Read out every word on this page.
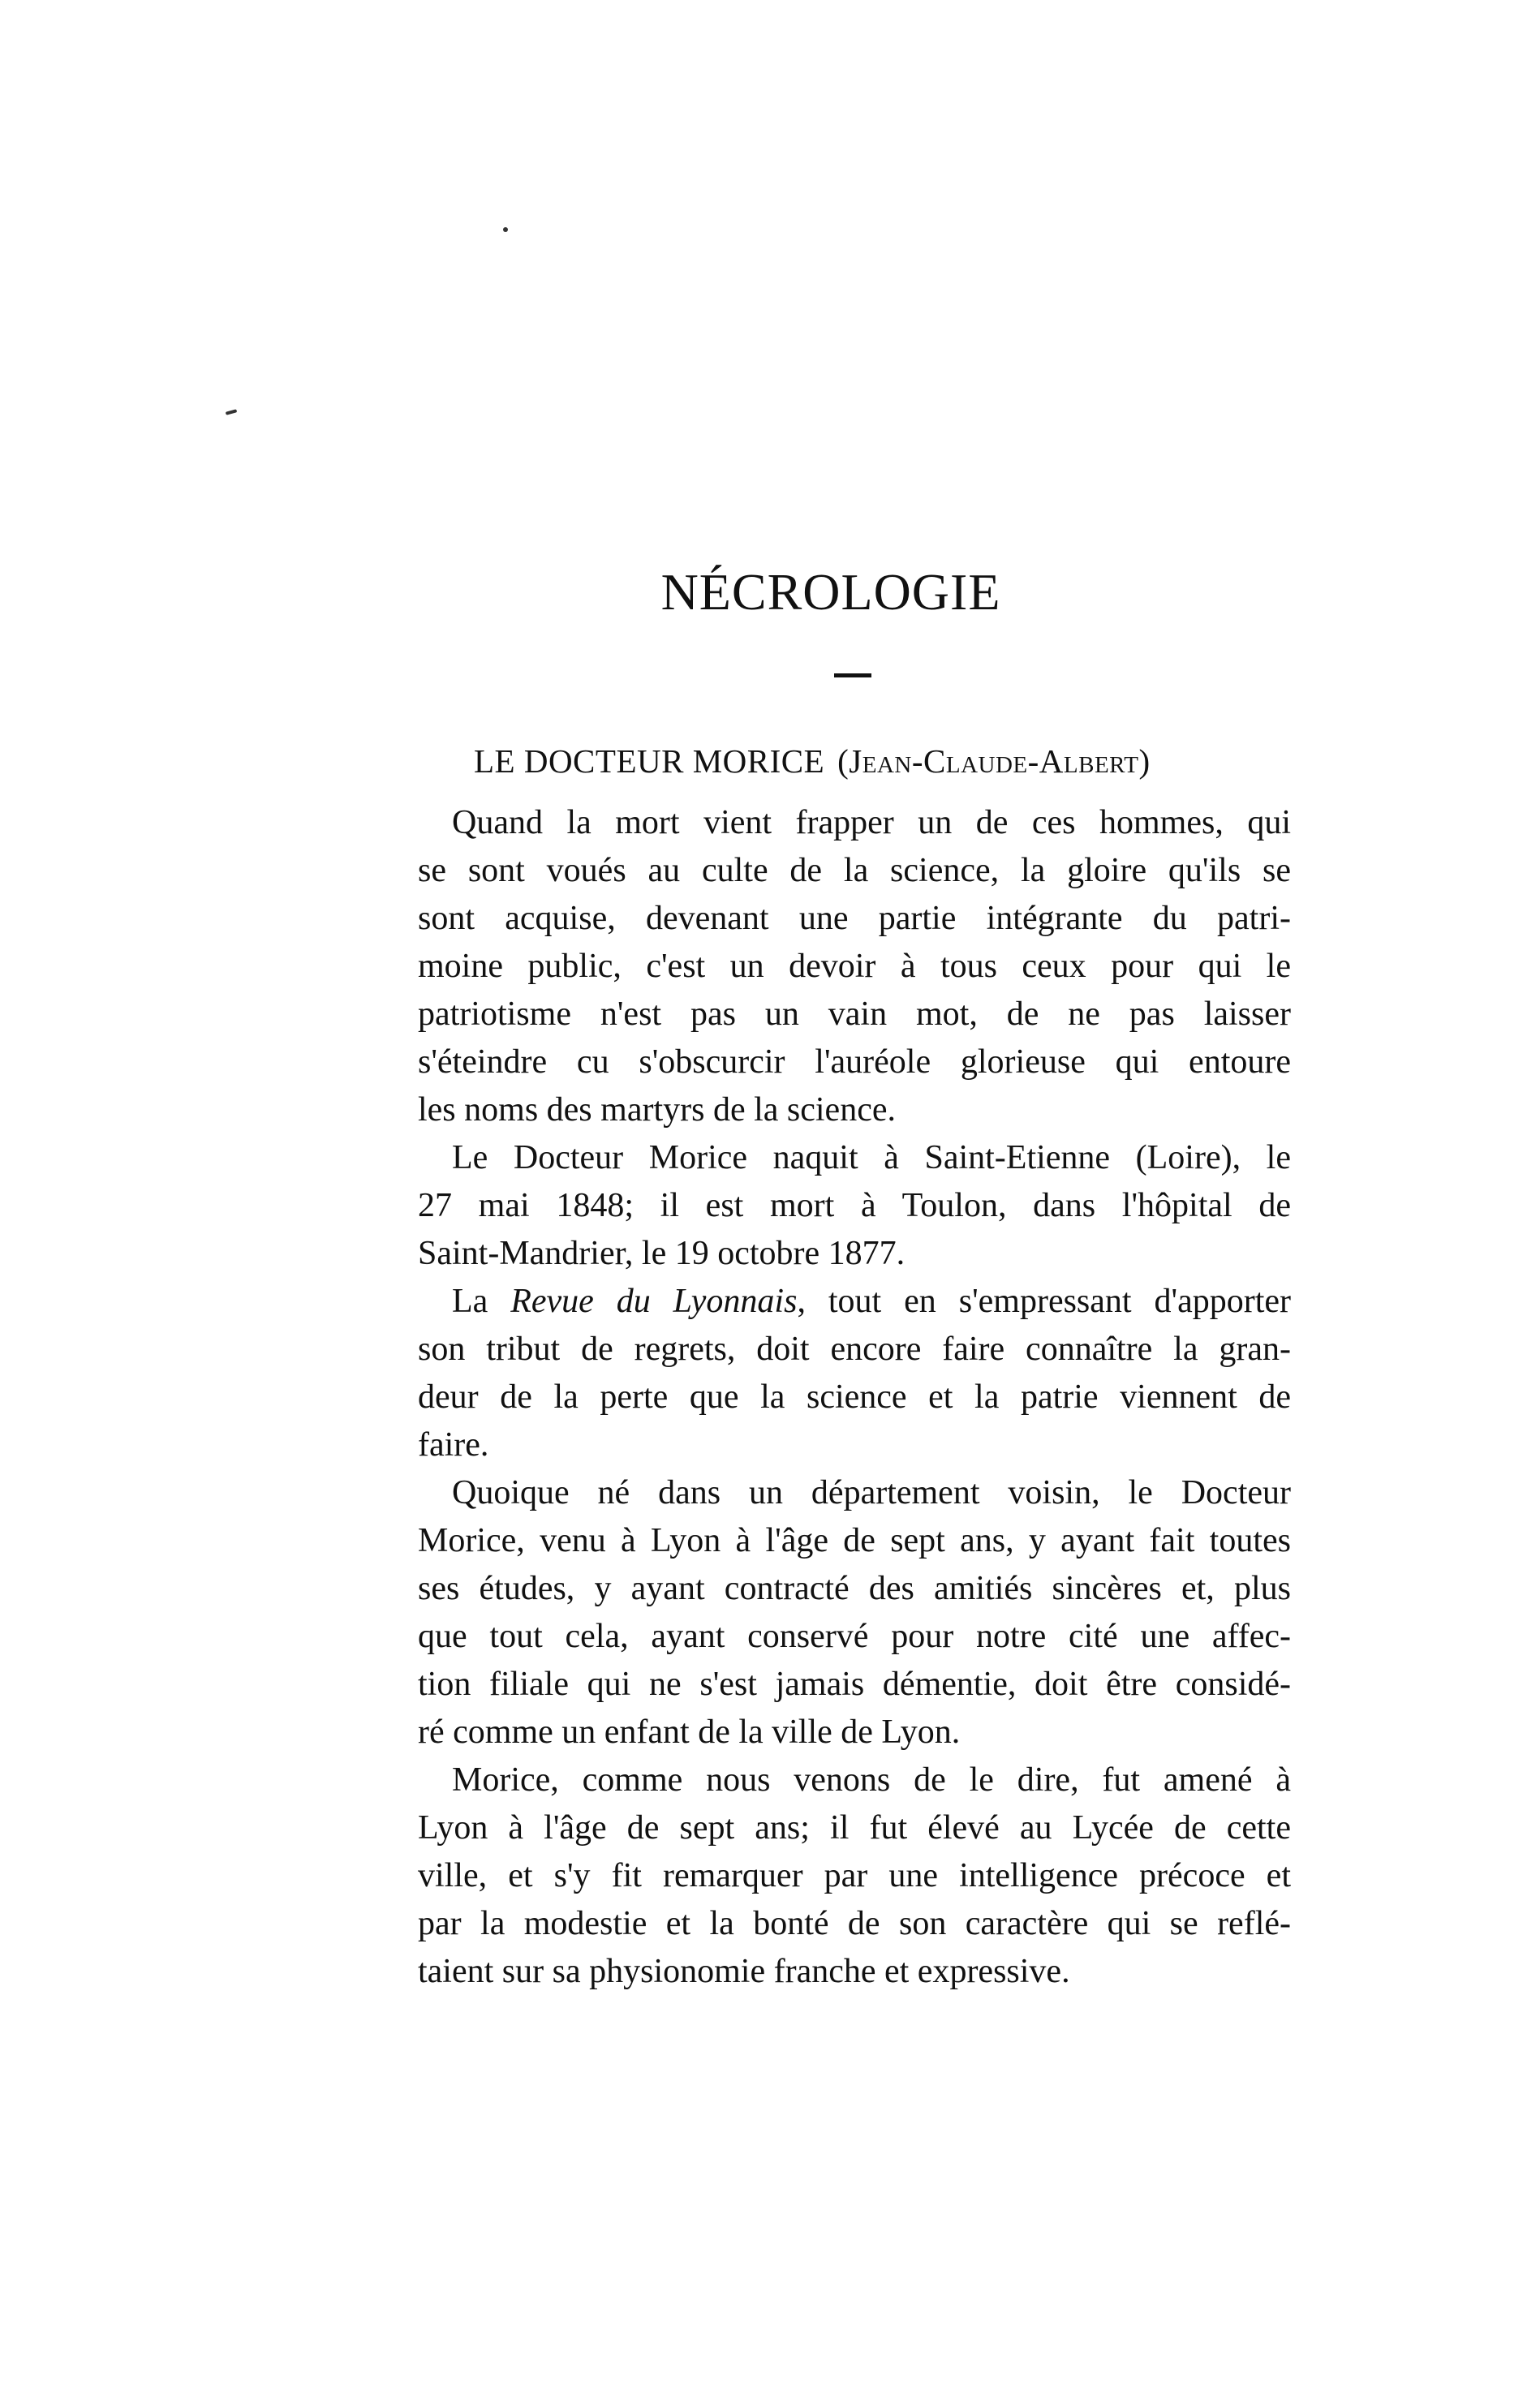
NÉCROLOGIE
LE DOCTEUR MORICE (Jean-Claude-Albert)

Quand la mort vient frapper un de ces hommes, qui
se sont voués au culte de la science, la gloire qu'ils se
sont acquise, devenant une partie intégrante du patri-
moine public, c'est un devoir à tous ceux pour qui le
patriotisme n'est pas un vain mot, de ne pas laisser
s'éteindre cu s'obscurcir l'auréole glorieuse qui entoure
les noms des martyrs de la science.

Le Docteur Morice naquit à Saint-Etienne (Loire), le
27 mai 1848; il est mort à Toulon, dans l'hôpital de
Saint-Mandrier, le 19 octobre 1877.

La Revue du Lyonnais, tout en s'empressant d'apporter
son tribut de regrets, doit encore faire connaître la gran-
deur de la perte que la science et la patrie viennent de
faire.

Quoique né dans un département voisin, le Docteur
Morice, venu à Lyon à l'âge de sept ans, y ayant fait toutes
ses études, y ayant contracté des amitiés sincères et, plus
que tout cela, ayant conservé pour notre cité une affec-
tion filiale qui ne s'est jamais démentie, doit être considé-
ré comme un enfant de la ville de Lyon.

Morice, comme nous venons de le dire, fut amené à
Lyon à l'âge de sept ans; il fut élevé au Lycée de cette
ville, et s'y fit remarquer par une intelligence précoce et
par la modestie et la bonté de son caractère qui se reflé-
taient sur sa physionomie franche et expressive.
